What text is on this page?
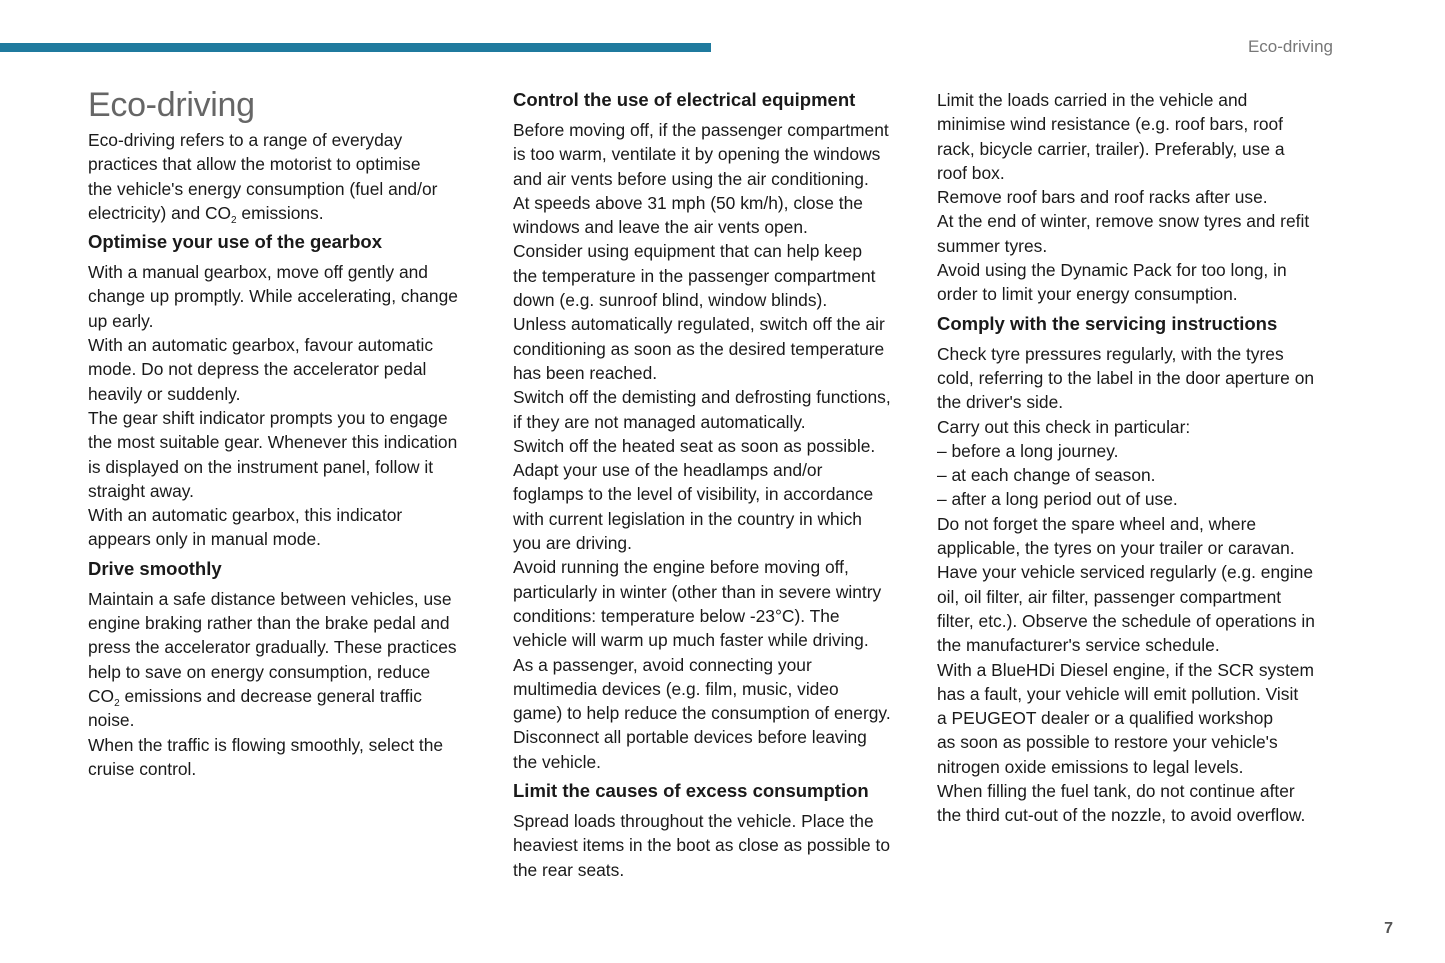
Eco-driving
Eco-driving

Eco-driving refers to a range of everyday
practices that allow the motorist to optimise
the vehicle's energy consumption (fuel and/or
electricity) and $CO_2$ emissions.

Optimise your use of the gearbox

With a manual gearbox, move off gently and
change up promptly. While accelerating, change
up early.

With an automatic gearbox, favour automatic
mode. Do not depress the accelerator pedal
heavily or suddenly.

The gear shift indicator prompts you to engage
the most suitable gear. Whenever this indication
is displayed on the instrument panel, follow it
straight away.

With an automatic gearbox, this indicator
appears only in manual mode.

Drive smoothly

Maintain a safe distance between vehicles, use
engine braking rather than the brake pedal and
press the accelerator gradually. These practices
help to save on energy consumption, reduce
$CO_2$ emissions and decrease general traffic
noise.

When the traffic is flowing smoothly, select the
cruise control.

Control the use of electrical equipment

Before moving off, if the passenger compartment
is too warm, ventilate it by opening the windows
and air vents before using the air conditioning.

At speeds above 31 mph (50 km/h), close the
windows and leave the air vents open.

Consider using equipment that can help keep
the temperature in the passenger compartment
down (e.g. sunroof blind, window blinds).

Unless automatically regulated, switch off the air
conditioning as soon as the desired temperature
has been reached.

Switch off the demisting and defrosting functions,
if they are not managed automatically.

Switch off the heated seat as soon as possible.

Adapt your use of the headlamps and/or
foglamps to the level of visibility, in accordance
with current legislation in the country in which
you are driving.

Avoid running the engine before moving off,
particularly in winter (other than in severe wintry
conditions: temperature below -23°C). The
vehicle will warm up much faster while driving.

As a passenger, avoid connecting your
multimedia devices (e.g. film, music, video
game) to help reduce the consumption of energy.

Disconnect all portable devices before leaving
the vehicle.

Limit the causes of excess consumption

Spread loads throughout the vehicle. Place the
heaviest items in the boot as close as possible to
the rear seats.

Limit the loads carried in the vehicle and
minimise wind resistance (e.g. roof bars, roof
rack, bicycle carrier, trailer). Preferably, use a
roof box.

Remove roof bars and roof racks after use.

At the end of winter, remove snow tyres and refit
summer tyres.

Avoid using the Dynamic Pack for too long, in
order to limit your energy consumption.

Comply with the servicing instructions

Check tyre pressures regularly, with the tyres
cold, referring to the label in the door aperture on
the driver's side.

Carry out this check in particular:

– before a long journey.

– at each change of season.

– after a long period out of use.

Do not forget the spare wheel and, where
applicable, the tyres on your trailer or caravan.

Have your vehicle serviced regularly (e.g. engine
oil, oil filter, air filter, passenger compartment
filter, etc.). Observe the schedule of operations in
the manufacturer's service schedule.

With a BlueHDi Diesel engine, if the SCR system
has a fault, your vehicle will emit pollution. Visit
a PEUGEOT dealer or a qualified workshop
as soon as possible to restore your vehicle's
nitrogen oxide emissions to legal levels.

When filling the fuel tank, do not continue after
the third cut-out of the nozzle, to avoid overflow.

7
